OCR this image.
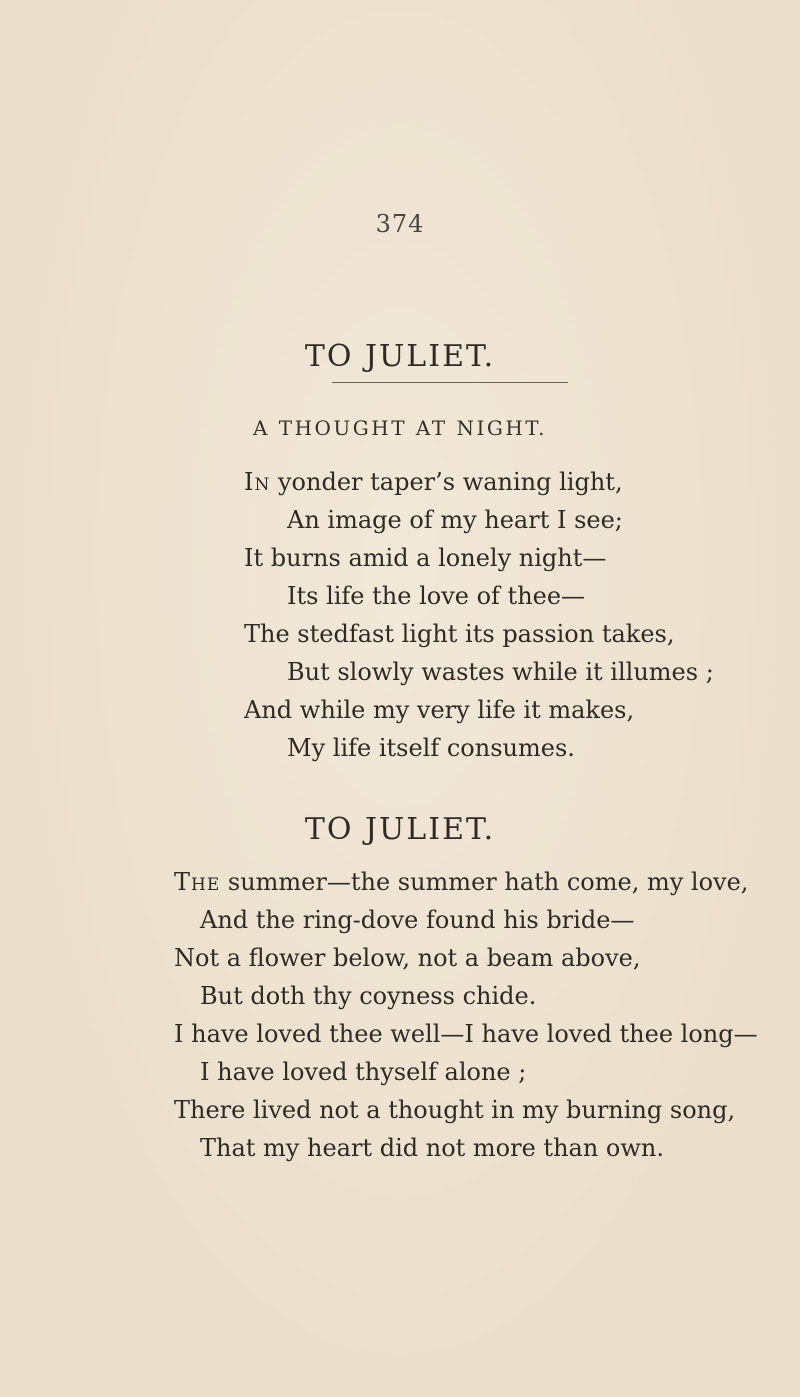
374
TO JULIET.
A THOUGHT AT NIGHT.
In yonder taper’s waning light,
An image of my heart I see;
It burns amid a lonely night—
Its life the love of thee—
The stedfast light its passion takes,
But slowly wastes while it illumes ;
And while my very life it makes,
My life itself consumes.
TO JULIET.
The summer—the summer hath come, my love,
And the ring-dove found his bride—
Not a flower below, not a beam above,
But doth thy coyness chide.
I have loved thee well—I have loved thee long—
I have loved thyself alone ;
There lived not a thought in my burning song,
That my heart did not more than own.
